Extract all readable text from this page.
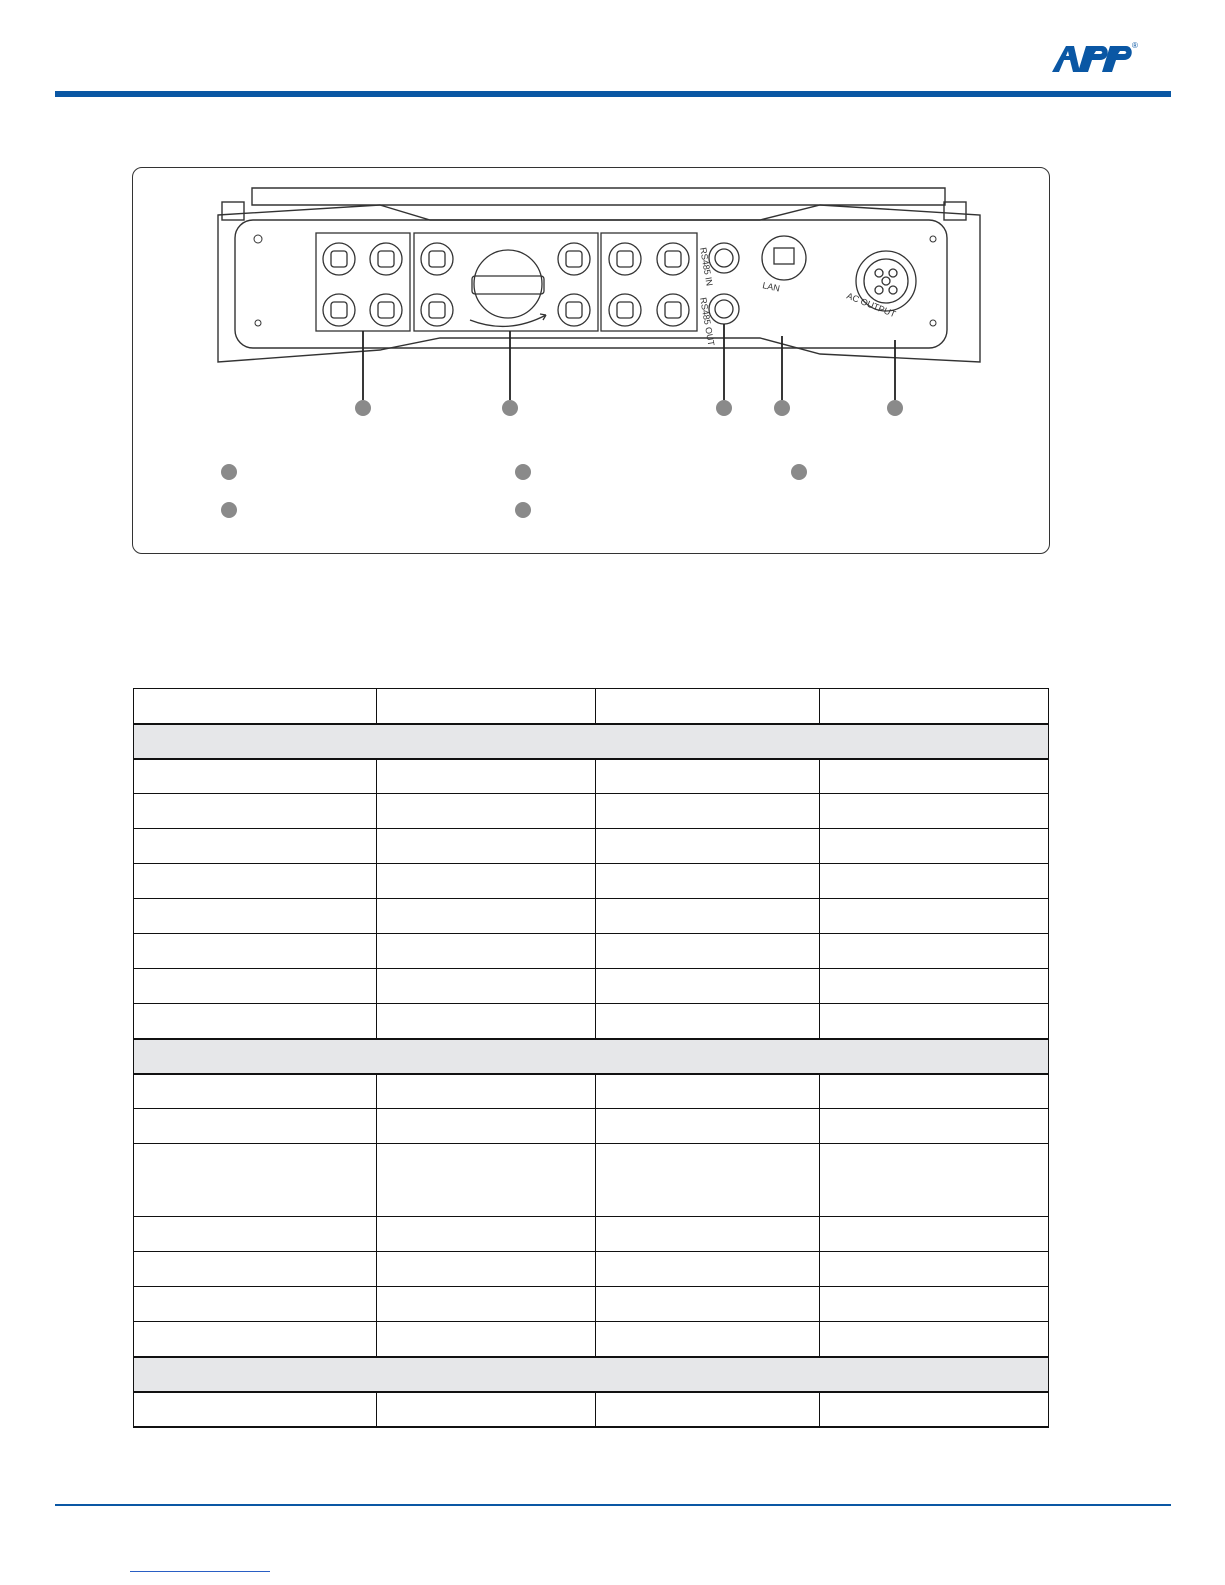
®
RS485 IN
RS485 OUT
LAN
AC OUTPUT
